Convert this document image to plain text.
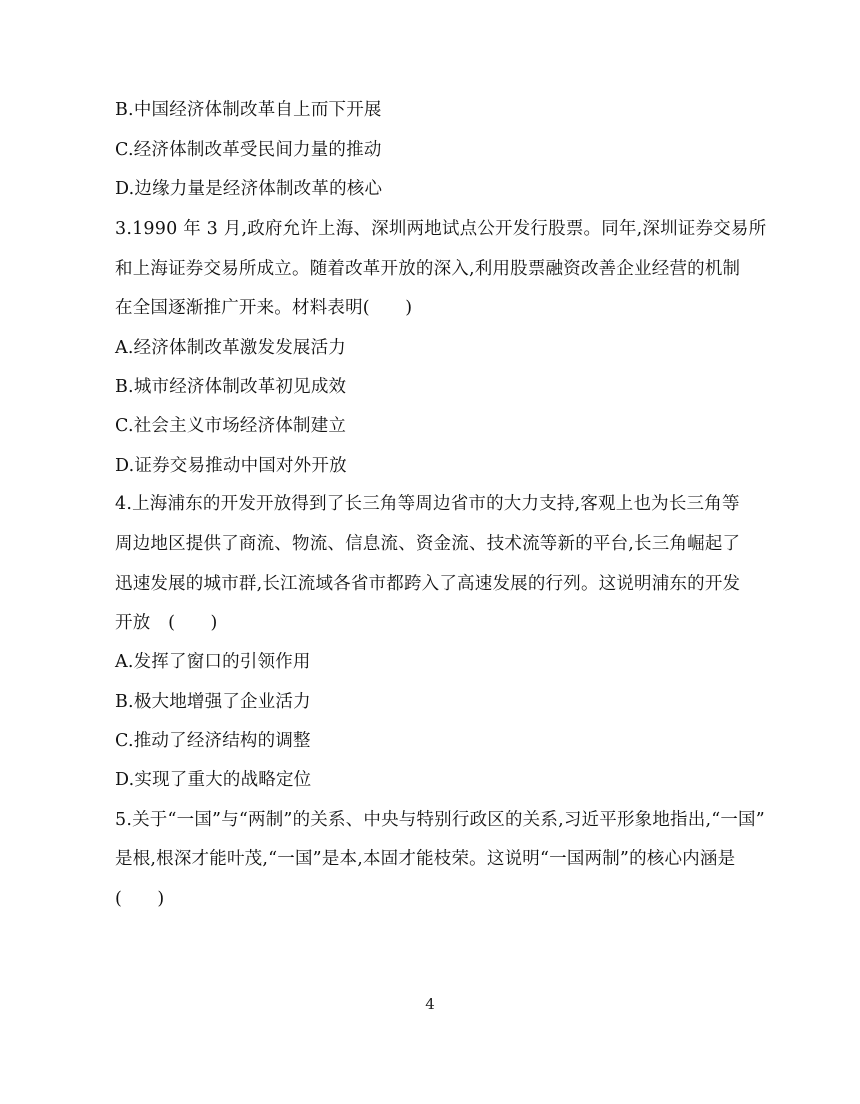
B.中国经济体制改革自上而下开展
C.经济体制改革受民间力量的推动
D.边缘力量是经济体制改革的核心
3.1990 年 3 月,政府允许上海、深圳两地试点公开发行股票。同年,深圳证券交易所
和上海证券交易所成立。随着改革开放的深入,利用股票融资改善企业经营的机制
在全国逐渐推广开来。材料表明(　　)
A.经济体制改革激发发展活力
B.城市经济体制改革初见成效
C.社会主义市场经济体制建立
D.证券交易推动中国对外开放
4.上海浦东的开发开放得到了长三角等周边省市的大力支持,客观上也为长三角等
周边地区提供了商流、物流、信息流、资金流、技术流等新的平台,长三角崛起了
迅速发展的城市群,长江流域各省市都跨入了高速发展的行列。这说明浦东的开发
开放　(　　)
A.发挥了窗口的引领作用
B.极大地增强了企业活力
C.推动了经济结构的调整
D.实现了重大的战略定位
5.关于“一国”与“两制”的关系、中央与特别行政区的关系,习近平形象地指出,“一国”
是根,根深才能叶茂,“一国”是本,本固才能枝荣。这说明“一国两制”的核心内涵是
(　　)
4
